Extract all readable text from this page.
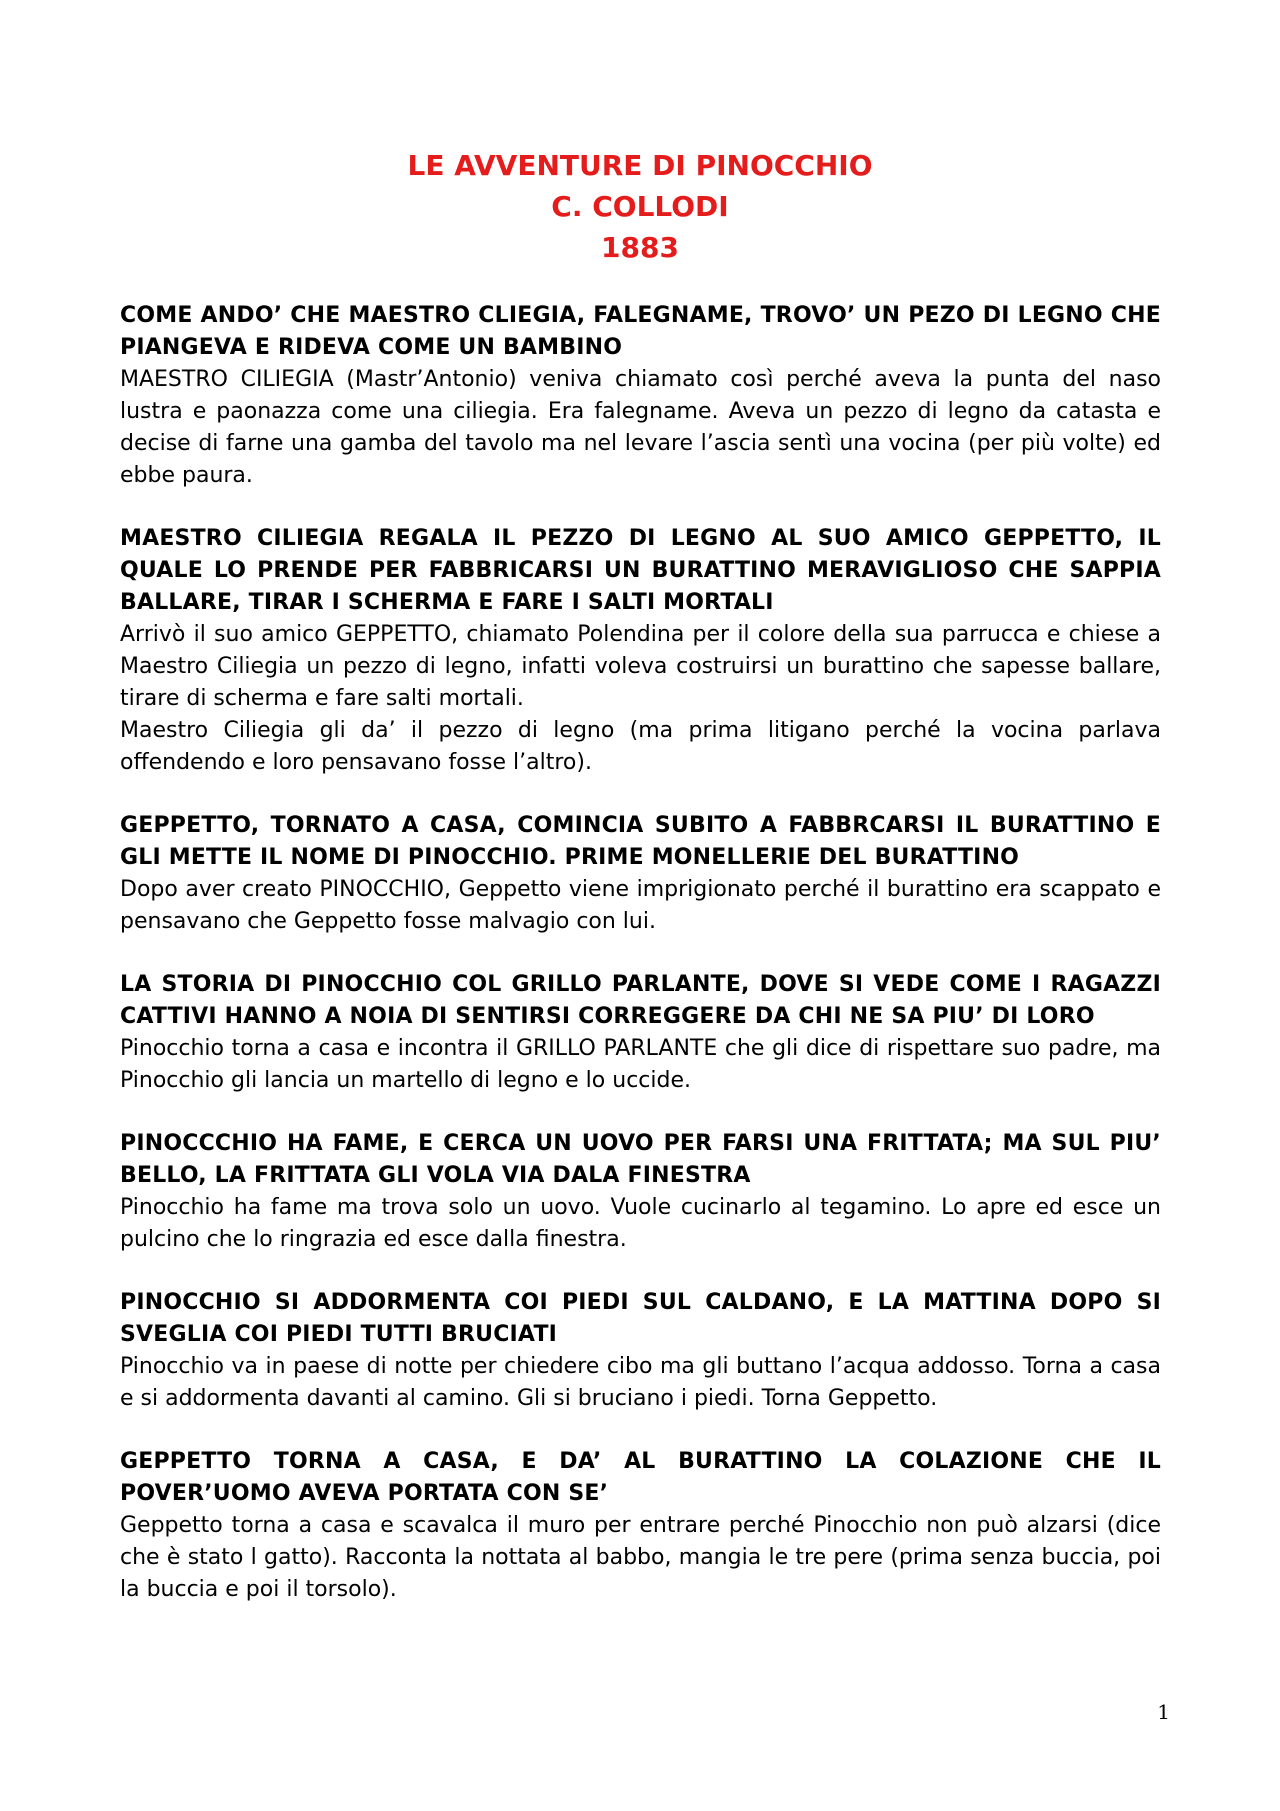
LE AVVENTURE DI PINOCCHIO
C. COLLODI
1883

COME ANDO’ CHE MAESTRO CLIEGIA, FALEGNAME, TROVO’ UN PEZO DI LEGNO CHE PIANGEVA E RIDEVA COME UN BAMBINO

MAESTRO CILIEGIA (Mastr’Antonio) veniva chiamato così perché aveva la punta del naso lustra e paonazza come una ciliegia. Era falegname. Aveva un pezzo di legno da catasta e decise di farne una gamba del tavolo ma nel levare l’ascia sentì una vocina (per più volte) ed ebbe paura.

MAESTRO CILIEGIA REGALA IL PEZZO DI LEGNO AL SUO AMICO GEPPETTO, IL QUALE LO PRENDE PER FABBRICARSI UN BURATTINO MERAVIGLIOSO CHE SAPPIA BALLARE, TIRAR I SCHERMA E FARE I SALTI MORTALI

Arrivò il suo amico GEPPETTO, chiamato Polendina per il colore della sua parrucca e chiese a Maestro Ciliegia un pezzo di legno, infatti voleva costruirsi un burattino che sapesse ballare, tirare di scherma e fare salti mortali.

Maestro Ciliegia gli da’ il pezzo di legno (ma prima litigano perché la vocina parlava offendendo e loro pensavano fosse l’altro).

GEPPETTO, TORNATO A CASA, COMINCIA SUBITO A FABBRCARSI IL BURATTINO E GLI METTE IL NOME DI PINOCCHIO. PRIME MONELLERIE DEL BURATTINO

Dopo aver creato PINOCCHIO, Geppetto viene imprigionato perché il burattino era scappato e pensavano che Geppetto fosse malvagio con lui.

LA STORIA DI PINOCCHIO COL GRILLO PARLANTE, DOVE SI VEDE COME I RAGAZZI CATTIVI HANNO A NOIA DI SENTIRSI CORREGGERE DA CHI NE SA PIU’ DI LORO

Pinocchio torna a casa e incontra il GRILLO PARLANTE che gli dice di rispettare suo padre, ma Pinocchio gli lancia un martello di legno e lo uccide.

PINOCCCHIO HA FAME, E CERCA UN UOVO PER FARSI UNA FRITTATA; MA SUL PIU’ BELLO, LA FRITTATA GLI VOLA VIA DALA FINESTRA

Pinocchio ha fame ma trova solo un uovo. Vuole cucinarlo al tegamino. Lo apre ed esce un pulcino che lo ringrazia ed esce dalla finestra.

PINOCCHIO SI ADDORMENTA COI PIEDI SUL CALDANO, E LA MATTINA DOPO SI SVEGLIA COI PIEDI TUTTI BRUCIATI

Pinocchio va in paese di notte per chiedere cibo ma gli buttano l’acqua addosso. Torna a casa e si addormenta davanti al camino. Gli si bruciano i piedi. Torna Geppetto.

GEPPETTO TORNA A CASA, E DA’ AL BURATTINO LA COLAZIONE CHE IL POVER’UOMO AVEVA PORTATA CON SE’

Geppetto torna a casa e scavalca il muro per entrare perché Pinocchio non può alzarsi (dice che è stato l gatto). Racconta la nottata al babbo, mangia le tre pere (prima senza buccia, poi la buccia e poi il torsolo).

1
